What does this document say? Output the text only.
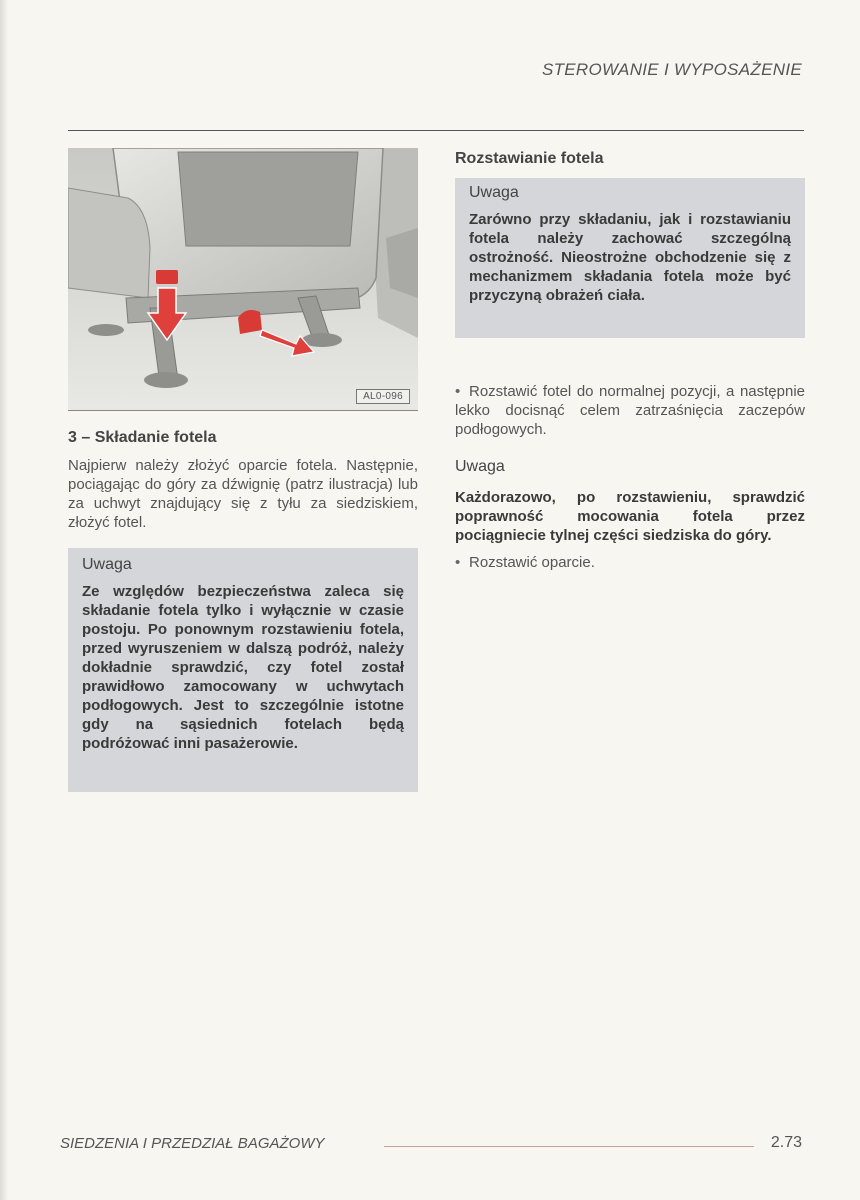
STEROWANIE I WYPOSAŻENIE
AL0-096
3 – Składanie fotela

Najpierw należy złożyć oparcie fotela. Następnie, pociągając do góry za dźwignię (patrz ilustracja) lub za uchwyt znajdujący się z tyłu za siedziskiem, złożyć fotel.

Uwaga

Ze względów bezpieczeństwa zaleca się składanie fotela tylko i wyłącznie w czasie postoju. Po ponownym rozstawieniu fotela, przed wyruszeniem w dalszą podróż, należy dokładnie sprawdzić, czy fotel został prawidłowo zamocowany w uchwytach podłogowych. Jest to szczególnie istotne gdy na sąsiednich fotelach będą podróżować inni pasażerowie.

Rozstawianie fotela
Uwaga

Zarówno przy składaniu, jak i rozstawianiu fotela należy zachować szczególną ostrożność. Nieostrożne obchodzenie się z mechanizmem składania fotela może być przyczyną obrażeń ciała.

• Rozstawić fotel do normalnej pozycji, a następnie lekko docisnąć celem zatrzaśnięcia zaczepów podłogowych.

Uwaga

Każdorazowo, po rozstawieniu, sprawdzić poprawność mocowania fotela przez pociągniecie tylnej części siedziska do góry.

• Rozstawić oparcie.

SIEDZENIA I PRZEDZIAŁ BAGAŻOWY	2.73
